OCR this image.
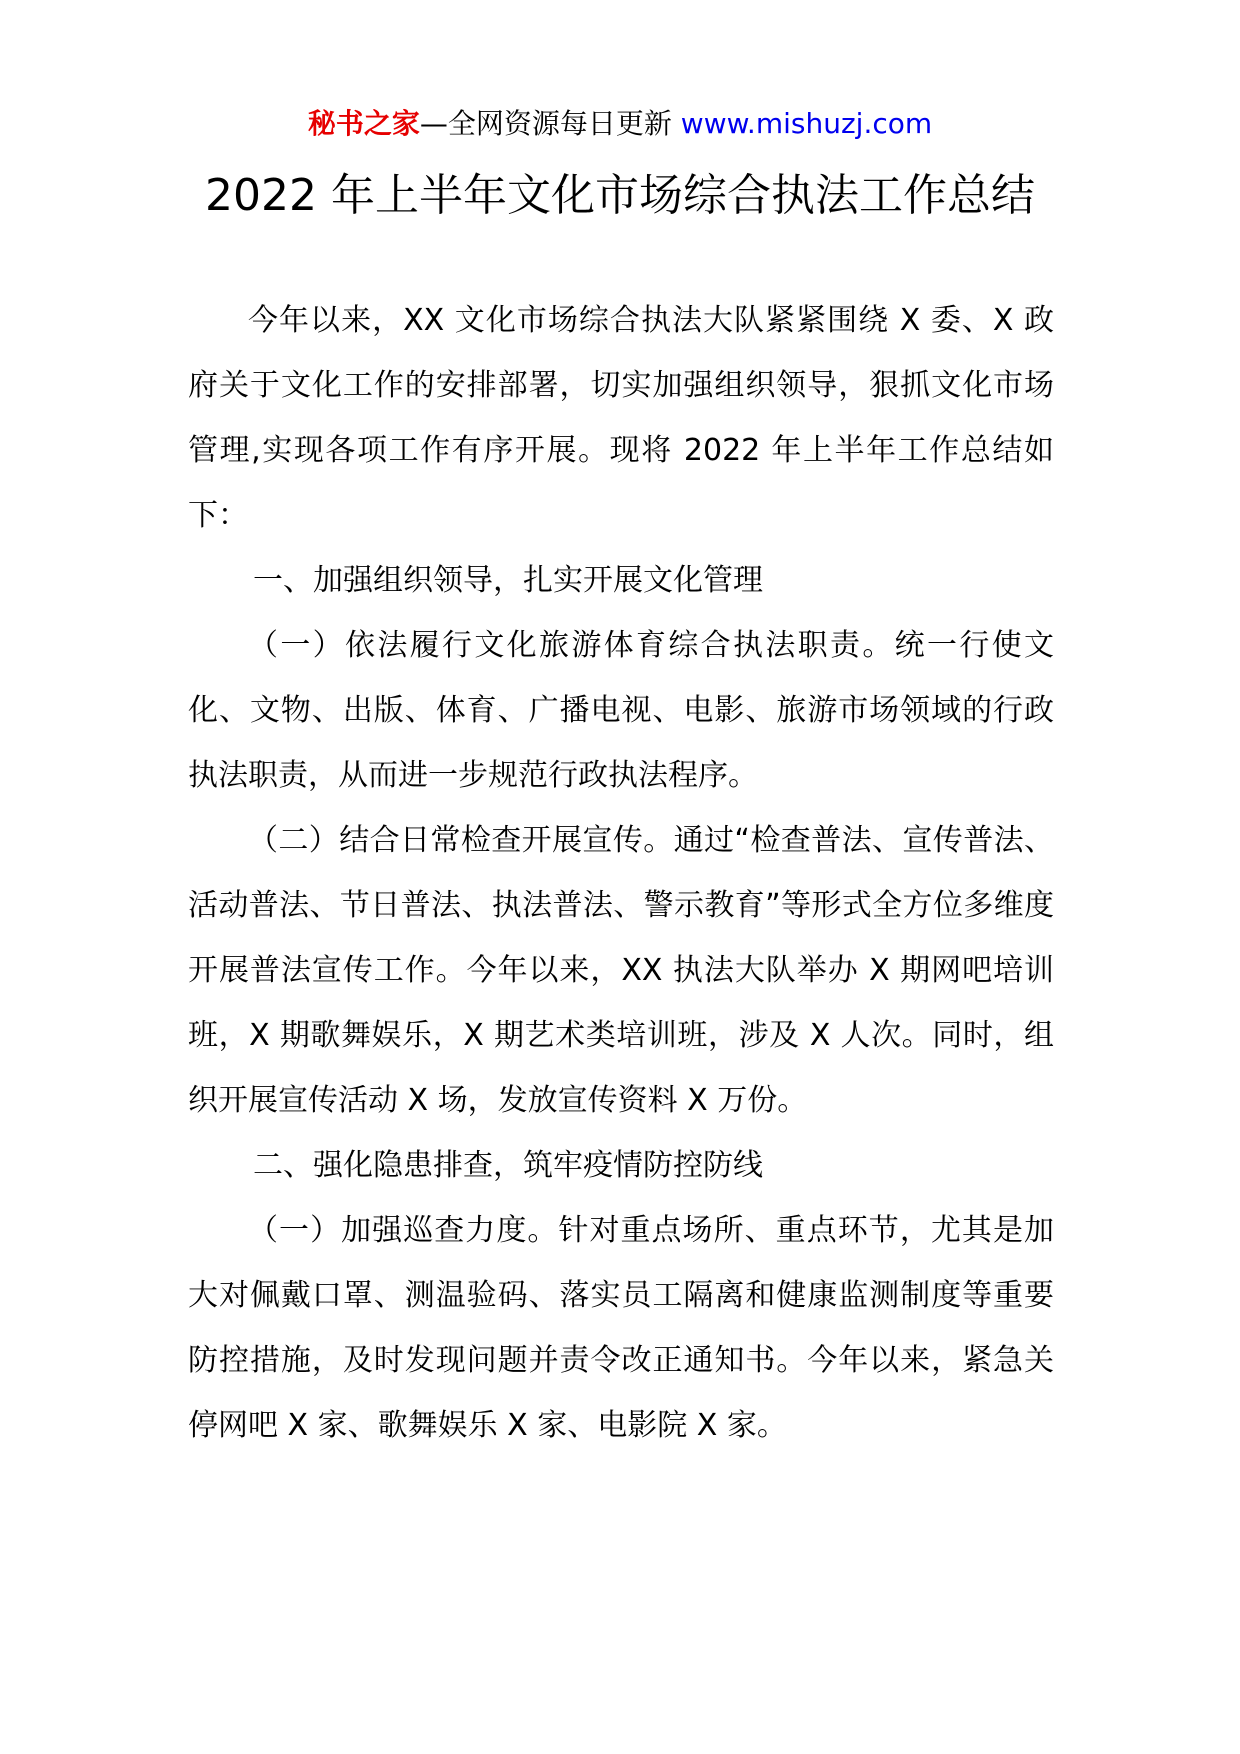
秘书之家—全网资源每日更新 www.mishuzj.com
2022 年上半年文化市场综合执法工作总结

今年以来，XX 文化市场综合执法大队紧紧围绕 X 委、X 政府关于文化工作的安排部署，切实加强组织领导，狠抓文化市场管理,实现各项工作有序开展。现将 2022 年上半年工作总结如下：

一、加强组织领导，扎实开展文化管理

（一）依法履行文化旅游体育综合执法职责。统一行使文化、文物、出版、体育、广播电视、电影、旅游市场领域的行政执法职责，从而进一步规范行政执法程序。

（二）结合日常检查开展宣传。通过“检查普法、宣传普法、活动普法、节日普法、执法普法、警示教育”等形式全方位多维度开展普法宣传工作。今年以来，XX 执法大队举办 X 期网吧培训班，X 期歌舞娱乐，X 期艺术类培训班，涉及 X 人次。同时，组织开展宣传活动 X 场，发放宣传资料 X 万份。

二、强化隐患排查，筑牢疫情防控防线

（一）加强巡查力度。针对重点场所、重点环节，尤其是加大对佩戴口罩、测温验码、落实员工隔离和健康监测制度等重要防控措施，及时发现问题并责令改正通知书。今年以来，紧急关停网吧 X 家、歌舞娱乐 X 家、电影院 X 家。
